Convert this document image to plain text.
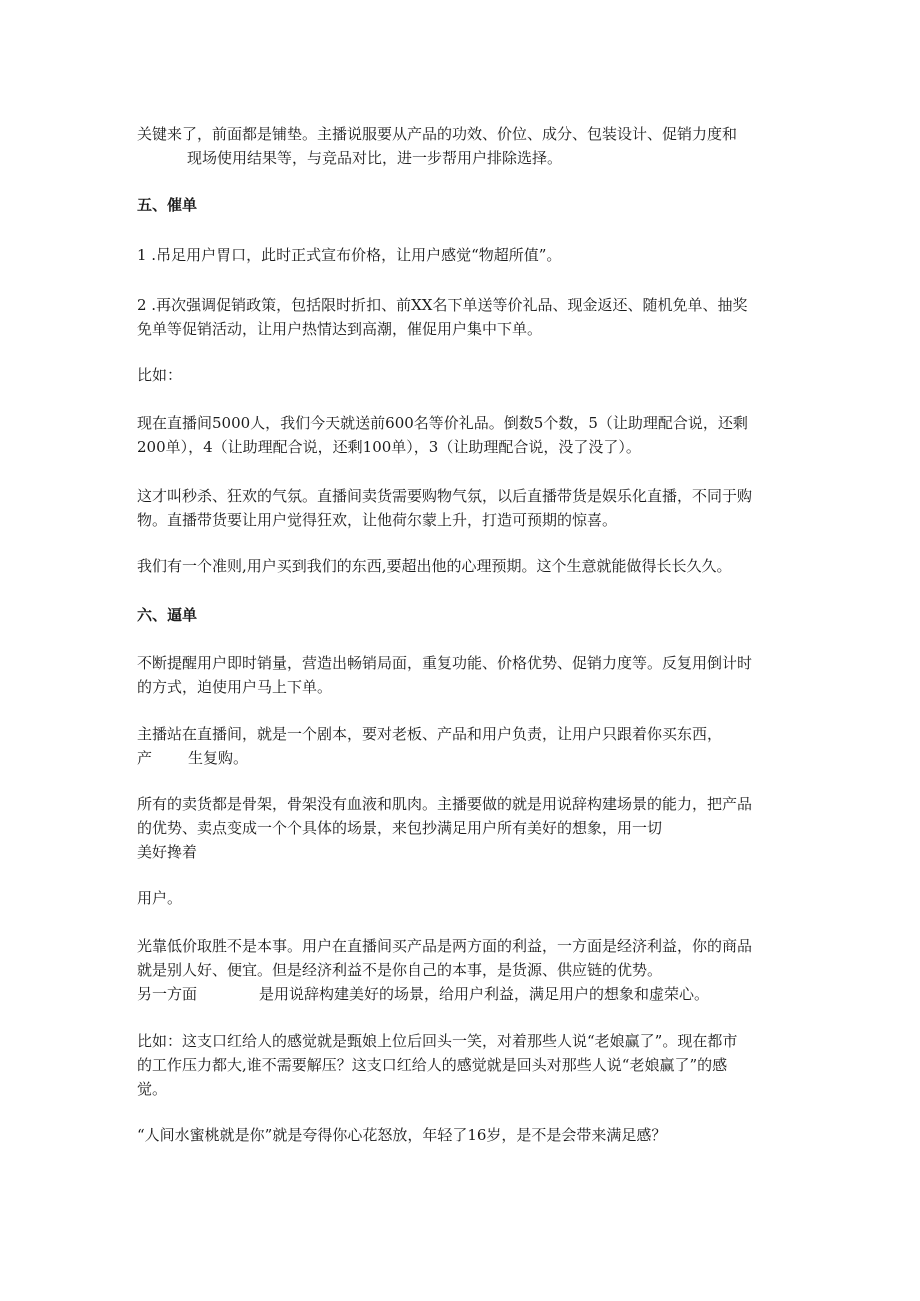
关键来了，前面都是铺垫。主播说服要从产品的功效、价位、成分、包装设计、促销力度和
现场使用结果等，与竞品对比，进一步帮用户排除选择。
五、催单
1 .吊足用户胃口，此时正式宣布价格，让用户感觉“物超所值”。
2 .再次强调促销政策，包括限时折扣、前XX名下单送等价礼品、现金返还、随机免单、抽奖
免单等促销活动，让用户热情达到高潮，催促用户集中下单。
比如：
现在直播间5000人，我们今天就送前600名等价礼品。倒数5个数，5（让助理配合说，还剩
200单），4（让助理配合说，还剩100单），3（让助理配合说，没了没了）。
这才叫秒杀、狂欢的气氛。直播间卖货需要购物气氛，以后直播带货是娱乐化直播，不同于购
物。直播带货要让用户觉得狂欢，让他荷尔蒙上升，打造可预期的惊喜。
我们有一个准则,用户买到我们的东西,要超出他的心理预期。这个生意就能做得长长久久。
六、逼单
不断提醒用户即时销量，营造出畅销局面，重复功能、价格优势、促销力度等。反复用倒计时
的方式，迫使用户马上下单。
主播站在直播间，就是一个剧本，要对老板、产品和用户负责，让用户只跟着你买东西，
产 生复购。
所有的卖货都是骨架，骨架没有血液和肌肉。主播要做的就是用说辞构建场景的能力，把产品
的优势、卖点变成一个个具体的场景，来包抄满足用户所有美好的想象，用一切
美好搀着
用户。
光靠低价取胜不是本事。用户在直播间买产品是两方面的利益，一方面是经济利益，你的商品
就是别人好、便宜。但是经济利益不是你自己的本事，是货源、供应链的优势。
另一方面	是用说辞构建美好的场景，给用户利益，满足用户的想象和虚荣心。
比如：这支口红给人的感觉就是甄娘上位后回头一笑，对着那些人说“老娘赢了”。现在都市
的工作压力都大,谁不需要解压？这支口红给人的感觉就是回头对那些人说“老娘赢了”的感
觉。
“人间水蜜桃就是你”就是夸得你心花怒放，年轻了16岁，是不是会带来满足感？
